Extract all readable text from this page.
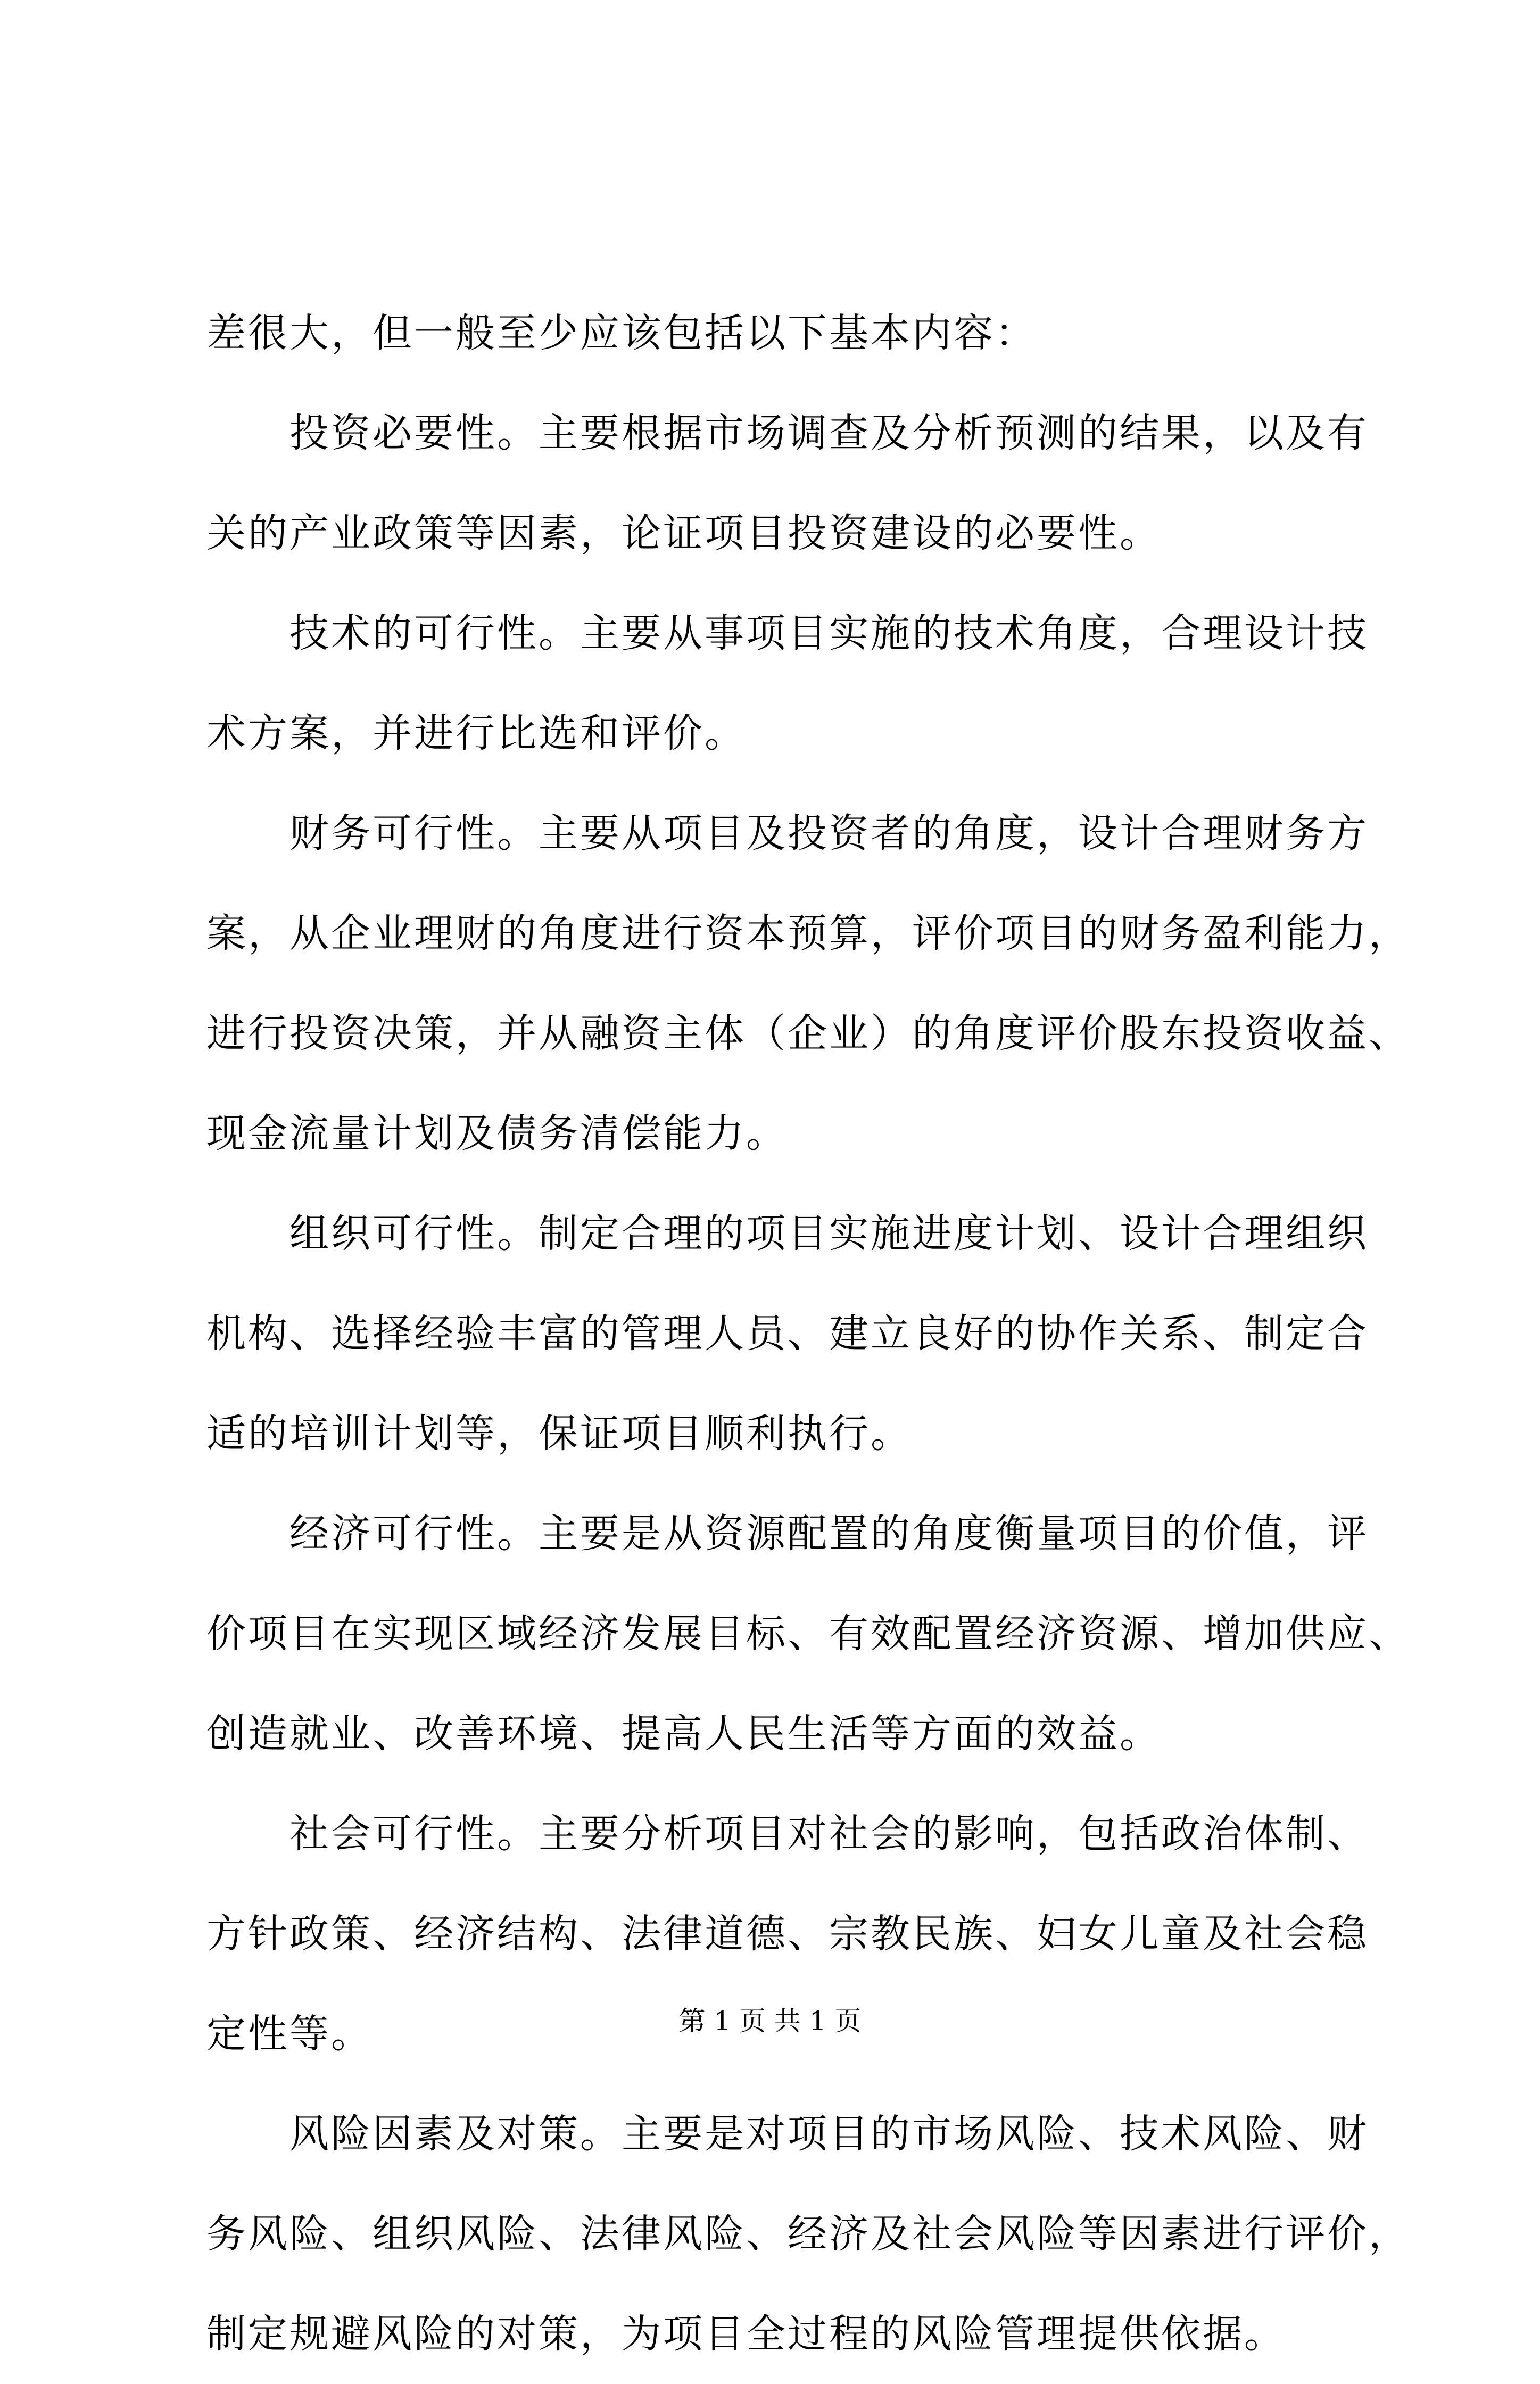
差很大，但一般至少应该包括以下基本内容：
投资必要性。主要根据市场调查及分析预测的结果，以及有
关的产业政策等因素，论证项目投资建设的必要性。
技术的可行性。主要从事项目实施的技术角度，合理设计技
术方案，并进行比选和评价。
财务可行性。主要从项目及投资者的角度，设计合理财务方
案，从企业理财的角度进行资本预算，评价项目的财务盈利能力，
进行投资决策，并从融资主体（企业）的角度评价股东投资收益、
现金流量计划及债务清偿能力。
组织可行性。制定合理的项目实施进度计划、设计合理组织
机构、选择经验丰富的管理人员、建立良好的协作关系、制定合
适的培训计划等，保证项目顺利执行。
经济可行性。主要是从资源配置的角度衡量项目的价值，评
价项目在实现区域经济发展目标、有效配置经济资源、增加供应、
创造就业、改善环境、提高人民生活等方面的效益。
社会可行性。主要分析项目对社会的影响，包括政治体制、
方针政策、经济结构、法律道德、宗教民族、妇女儿童及社会稳
定性等。
风险因素及对策。主要是对项目的市场风险、技术风险、财
务风险、组织风险、法律风险、经济及社会风险等因素进行评价，
制定规避风险的对策，为项目全过程的风险管理提供依据。
第 1 页 共 1 页
